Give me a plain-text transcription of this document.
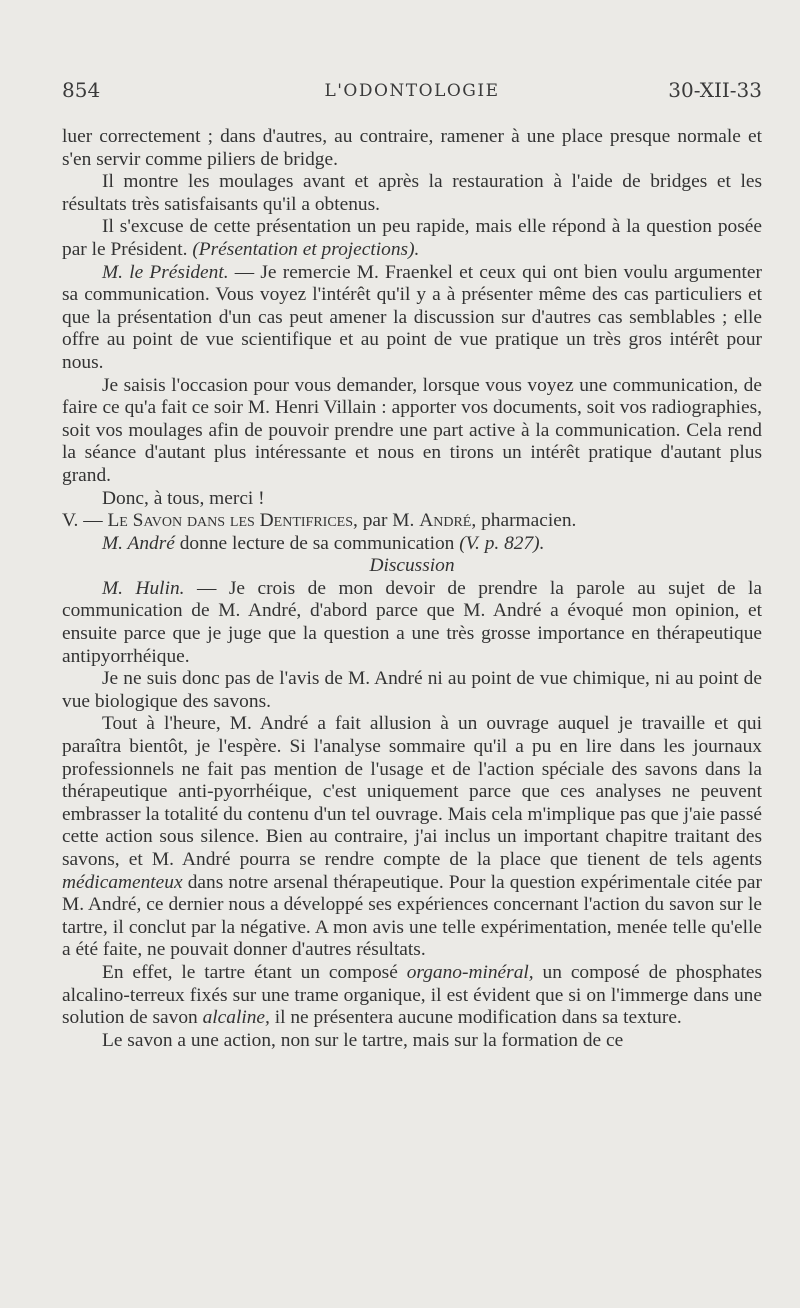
854	L'ODONTOLOGIE	30-XII-33

luer correctement ; dans d'autres, au contraire, ramener à une place presque normale et s'en servir comme piliers de bridge.

Il montre les moulages avant et après la restauration à l'aide de bridges et les résultats très satisfaisants qu'il a obtenus.

Il s'excuse de cette présentation un peu rapide, mais elle répond à la question posée par le Président. (Présentation et projections).

M. le Président. — Je remercie M. Fraenkel et ceux qui ont bien voulu argumenter sa communication. Vous voyez l'intérêt qu'il y a à présenter même des cas particuliers et que la présentation d'un cas peut amener la discussion sur d'autres cas semblables ; elle offre au point de vue scientifique et au point de vue pratique un très gros intérêt pour nous.

Je saisis l'occasion pour vous demander, lorsque vous voyez une communication, de faire ce qu'a fait ce soir M. Henri Villain : apporter vos documents, soit vos radiographies, soit vos moulages afin de pouvoir prendre une part active à la communication. Cela rend la séance d'autant plus intéressante et nous en tirons un intérêt pratique d'autant plus grand.

Donc, à tous, merci !

V. — Le Savon dans les Dentifrices, par M. André, pharmacien.

M. André donne lecture de sa communication (V. p. 827).

Discussion

M. Hulin. — Je crois de mon devoir de prendre la parole au sujet de la communication de M. André, d'abord parce que M. André a évoqué mon opinion, et ensuite parce que je juge que la question a une très grosse importance en thérapeutique antipyorrhéique.

Je ne suis donc pas de l'avis de M. André ni au point de vue chimique, ni au point de vue biologique des savons.

Tout à l'heure, M. André a fait allusion à un ouvrage auquel je travaille et qui paraîtra bientôt, je l'espère. Si l'analyse sommaire qu'il a pu en lire dans les journaux professionnels ne fait pas mention de l'usage et de l'action spéciale des savons dans la thérapeutique anti-pyorrhéique, c'est uniquement parce que ces analyses ne peuvent embrasser la totalité du contenu d'un tel ouvrage. Mais cela m'implique pas que j'aie passé cette action sous silence. Bien au contraire, j'ai inclus un important chapitre traitant des savons, et M. André pourra se rendre compte de la place que tienent de tels agents médicamenteux dans notre arsenal thérapeutique. Pour la question expérimentale citée par M. André, ce dernier nous a développé ses expériences concernant l'action du savon sur le tartre, il conclut par la négative. A mon avis une telle expérimentation, menée telle qu'elle a été faite, ne pouvait donner d'autres résultats.

En effet, le tartre étant un composé organo-minéral, un composé de phosphates alcalino-terreux fixés sur une trame organique, il est évident que si on l'immerge dans une solution de savon alcaline, il ne présentera aucune modification dans sa texture.

Le savon a une action, non sur le tartre, mais sur la formation de ce
